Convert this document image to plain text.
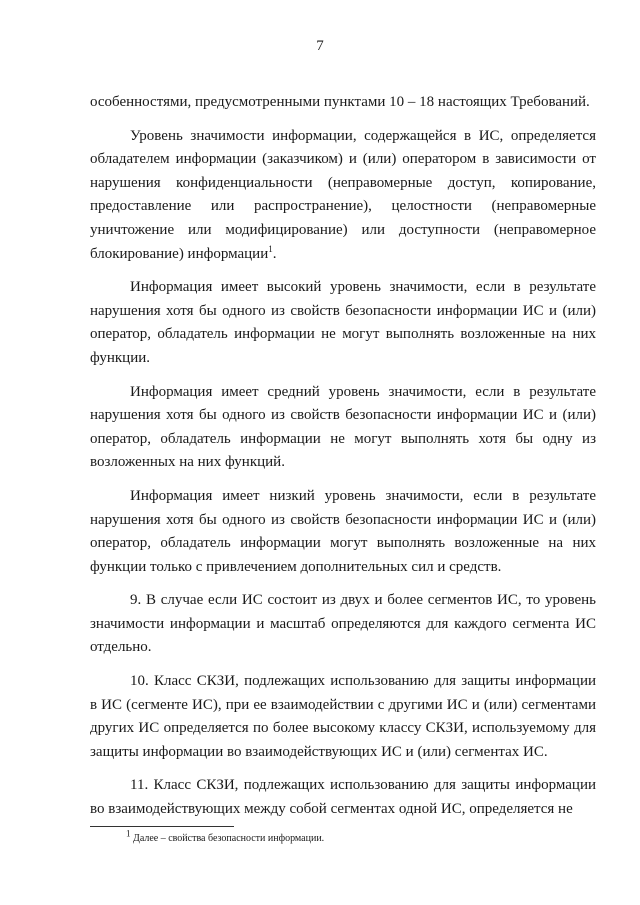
7

особенностями, предусмотренными пунктами 10 – 18 настоящих Требований.

Уровень значимости информации, содержащейся в ИС, определяется обладателем информации (заказчиком) и (или) оператором в зависимости от нарушения конфиденциальности (неправомерные доступ, копирование, предоставление или распространение), целостности (неправомерные уничтожение или модифицирование) или доступности (неправомерное блокирование) информации$^1$.

Информация имеет высокий уровень значимости, если в результате нарушения хотя бы одного из свойств безопасности информации ИС и (или) оператор, обладатель информации не могут выполнять возложенные на них функции.

Информация имеет средний уровень значимости, если в результате нарушения хотя бы одного из свойств безопасности информации ИС и (или) оператор, обладатель информации не могут выполнять хотя бы одну из возложенных на них функций.

Информация имеет низкий уровень значимости, если в результате нарушения хотя бы одного из свойств безопасности информации ИС и (или) оператор, обладатель информации могут выполнять возложенные на них функции только с привлечением дополнительных сил и средств.

9. В случае если ИС состоит из двух и более сегментов ИС, то уровень значимости информации и масштаб определяются для каждого сегмента ИС отдельно.

10. Класс СКЗИ, подлежащих использованию для защиты информации в ИС (сегменте ИС), при ее взаимодействии с другими ИС и (или) сегментами других ИС определяется по более высокому классу СКЗИ, используемому для защиты информации во взаимодействующих ИС и (или) сегментах ИС.

11. Класс СКЗИ, подлежащих использованию для защиты информации во взаимодействующих между собой сегментах одной ИС, определяется не

$^1$ Далее – свойства безопасности информации.
